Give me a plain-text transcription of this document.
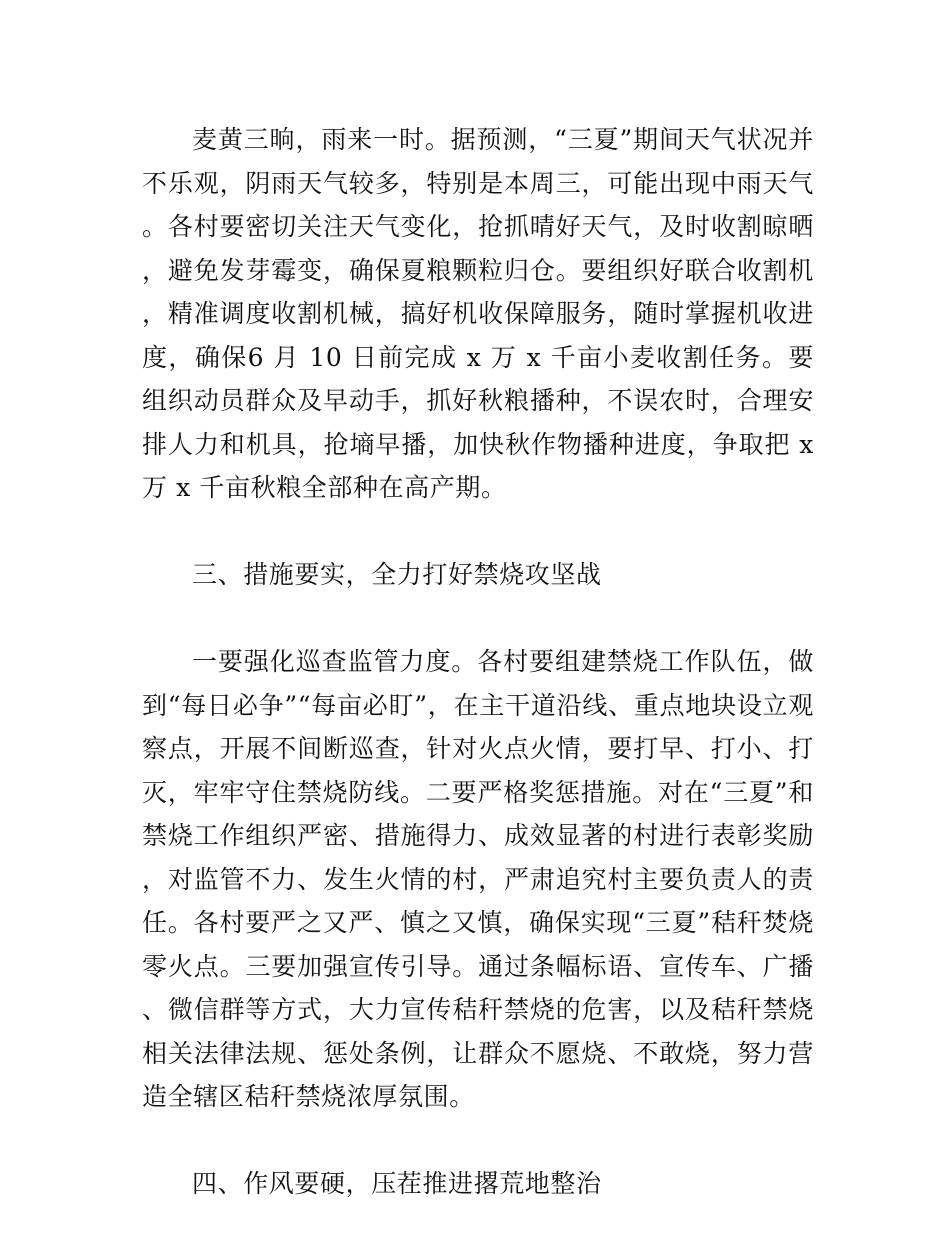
麦黄三晌，雨来一时。据预测，“三夏”期间天气状况并不乐观，阴雨天气较多，特别是本周三，可能出现中雨天气。各村要密切关注天气变化，抢抓晴好天气，及时收割晾晒，避免发芽霉变，确保夏粮颗粒归仓。要组织好联合收割机，精准调度收割机械，搞好机收保障服务，随时掌握机收进度，确保6 月 10 日前完成 x 万 x 千亩小麦收割任务。要组织动员群众及早动手，抓好秋粮播种，不误农时，合理安排人力和机具，抢墒早播，加快秋作物播种进度，争取把 x 万 x 千亩秋粮全部种在高产期。

三、措施要实，全力打好禁烧攻坚战

一要强化巡查监管力度。各村要组建禁烧工作队伍，做到“每日必争”“每亩必盯”，在主干道沿线、重点地块设立观察点，开展不间断巡查，针对火点火情，要打早、打小、打灭，牢牢守住禁烧防线。二要严格奖惩措施。对在“三夏”和禁烧工作组织严密、措施得力、成效显著的村进行表彰奖励，对监管不力、发生火情的村，严肃追究村主要负责人的责任。各村要严之又严、慎之又慎，确保实现“三夏”秸秆焚烧零火点。三要加强宣传引导。通过条幅标语、宣传车、广播、微信群等方式，大力宣传秸秆禁烧的危害，以及秸秆禁烧相关法律法规、惩处条例，让群众不愿烧、不敢烧，努力营造全辖区秸秆禁烧浓厚氛围。

四、作风要硬，压茬推进撂荒地整治
